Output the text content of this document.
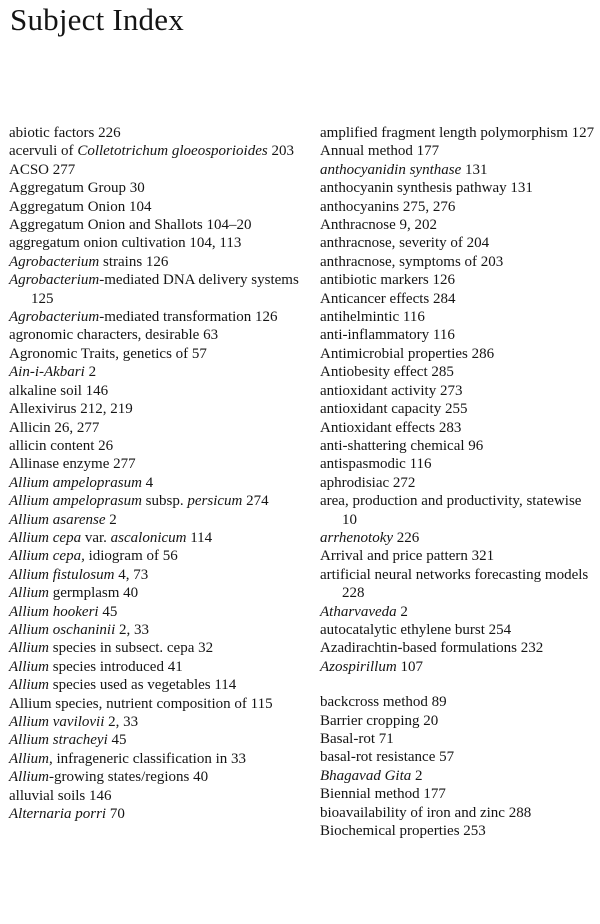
Subject Index
abiotic factors 226
acervuli of Colletotrichum gloeosporioides 203
ACSO 277
Aggregatum Group 30
Aggregatum Onion 104
Aggregatum Onion and Shallots 104–20
aggregatum onion cultivation 104, 113
Agrobacterium strains 126
Agrobacterium-mediated DNA delivery systems 125
Agrobacterium-mediated transformation 126
agronomic characters, desirable 63
Agronomic Traits, genetics of 57
Ain-i-Akbari 2
alkaline soil 146
Allexivirus 212, 219
Allicin 26, 277
allicin content 26
Allinase enzyme 277
Allium ampeloprasum 4
Allium ampeloprasum subsp. persicum 274
Allium asarense 2
Allium cepa var. ascalonicum 114
Allium cepa, idiogram of 56
Allium fistulosum 4, 73
Allium germplasm 40
Allium hookeri 45
Allium oschaninii 2, 33
Allium species in subsect. cepa 32
Allium species introduced 41
Allium species used as vegetables 114
Allium species, nutrient composition of 115
Allium vavilovii 2, 33
Allium stracheyi 45
Allium, infrageneric classification in 33
Allium-growing states/regions 40
alluvial soils 146
Alternaria porri 70
amplified fragment length polymorphism 127
Annual method 177
anthocyanidin synthase 131
anthocyanin synthesis pathway 131
anthocyanins 275, 276
Anthracnose 9, 202
anthracnose, severity of 204
anthracnose, symptoms of 203
antibiotic markers 126
Anticancer effects 284
antihelmintic 116
anti-inflammatory 116
Antimicrobial properties 286
Antiobesity effect 285
antioxidant activity 273
antioxidant capacity 255
Antioxidant effects 283
anti-shattering chemical 96
antispasmodic 116
aphrodisiac 272
area, production and productivity, statewise 10
arrhenotoky 226
Arrival and price pattern 321
artificial neural networks forecasting models 228
Atharvaveda 2
autocatalytic ethylene burst 254
Azadirachtin-based formulations 232
Azospirillum 107
backcross method 89
Barrier cropping 20
Basal-rot 71
basal-rot resistance 57
Bhagavad Gita 2
Biennial method 177
bioavailability of iron and zinc 288
Biochemical properties 253
